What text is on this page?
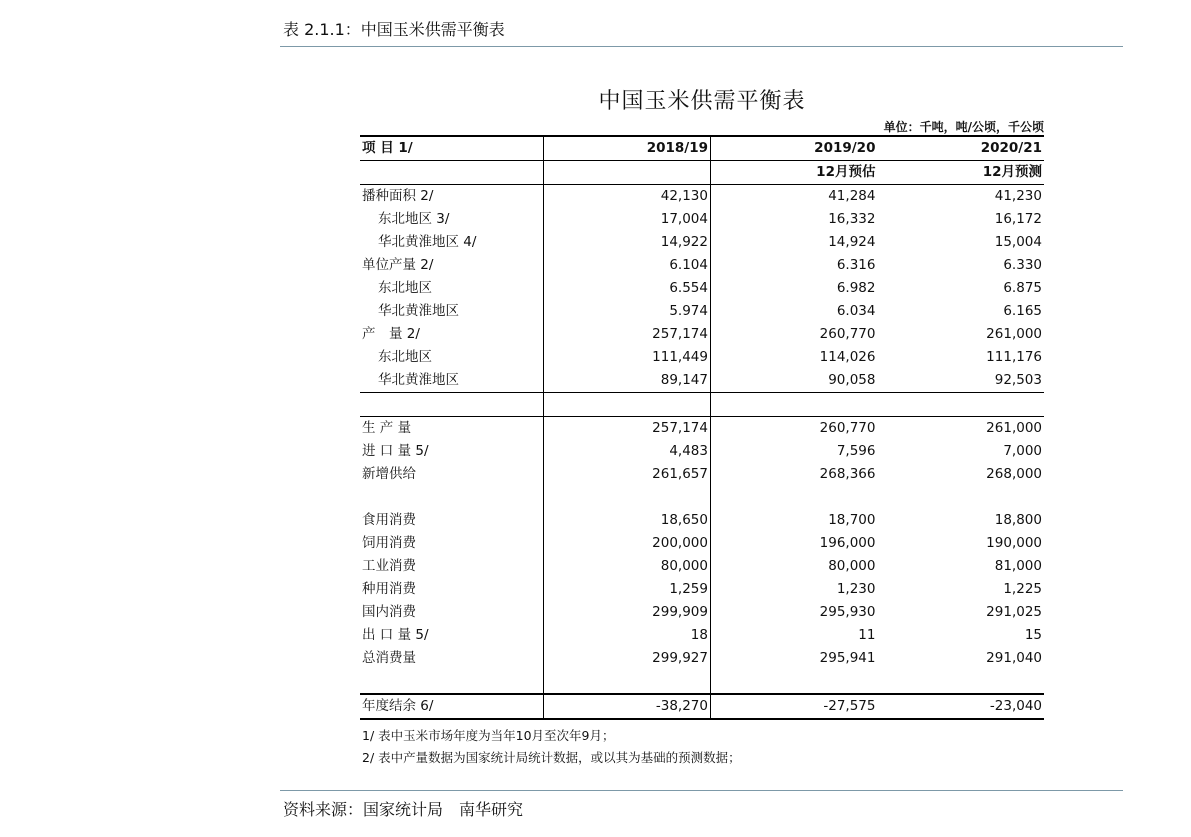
表 2.1.1：中国玉米供需平衡表
中国玉米供需平衡表
单位：千吨，吨/公顷，千公顷
项 目 1/	2018/19	2019/20	2020/21
		12月预估	12月预测
播种面积 2/	42,130	41,284	41,230
东北地区 3/	17,004	16,332	16,172
华北黄淮地区 4/	14,922	14,924	15,004
单位产量 2/	6.104	6.316	6.330
东北地区	6.554	6.982	6.875
华北黄淮地区	5.974	6.034	6.165
产　量 2/	257,174	260,770	261,000
东北地区	111,449	114,026	111,176
华北黄淮地区	89,147	90,058	92,503

生 产 量	257,174	260,770	261,000
进 口 量 5/	4,483	7,596	7,000
新增供给	261,657	268,366	268,000

食用消费	18,650	18,700	18,800
饲用消费	200,000	196,000	190,000
工业消费	80,000	80,000	81,000
种用消费	1,259	1,230	1,225
国内消费	299,909	295,930	291,025
出 口 量 5/	18	11	15
总消费量	299,927	295,941	291,040

年度结余 6/	-38,270	-27,575	-23,040
1/ 表中玉米市场年度为当年10月至次年9月；
2/ 表中产量数据为国家统计局统计数据，或以其为基础的预测数据；
资料来源：国家统计局　南华研究
